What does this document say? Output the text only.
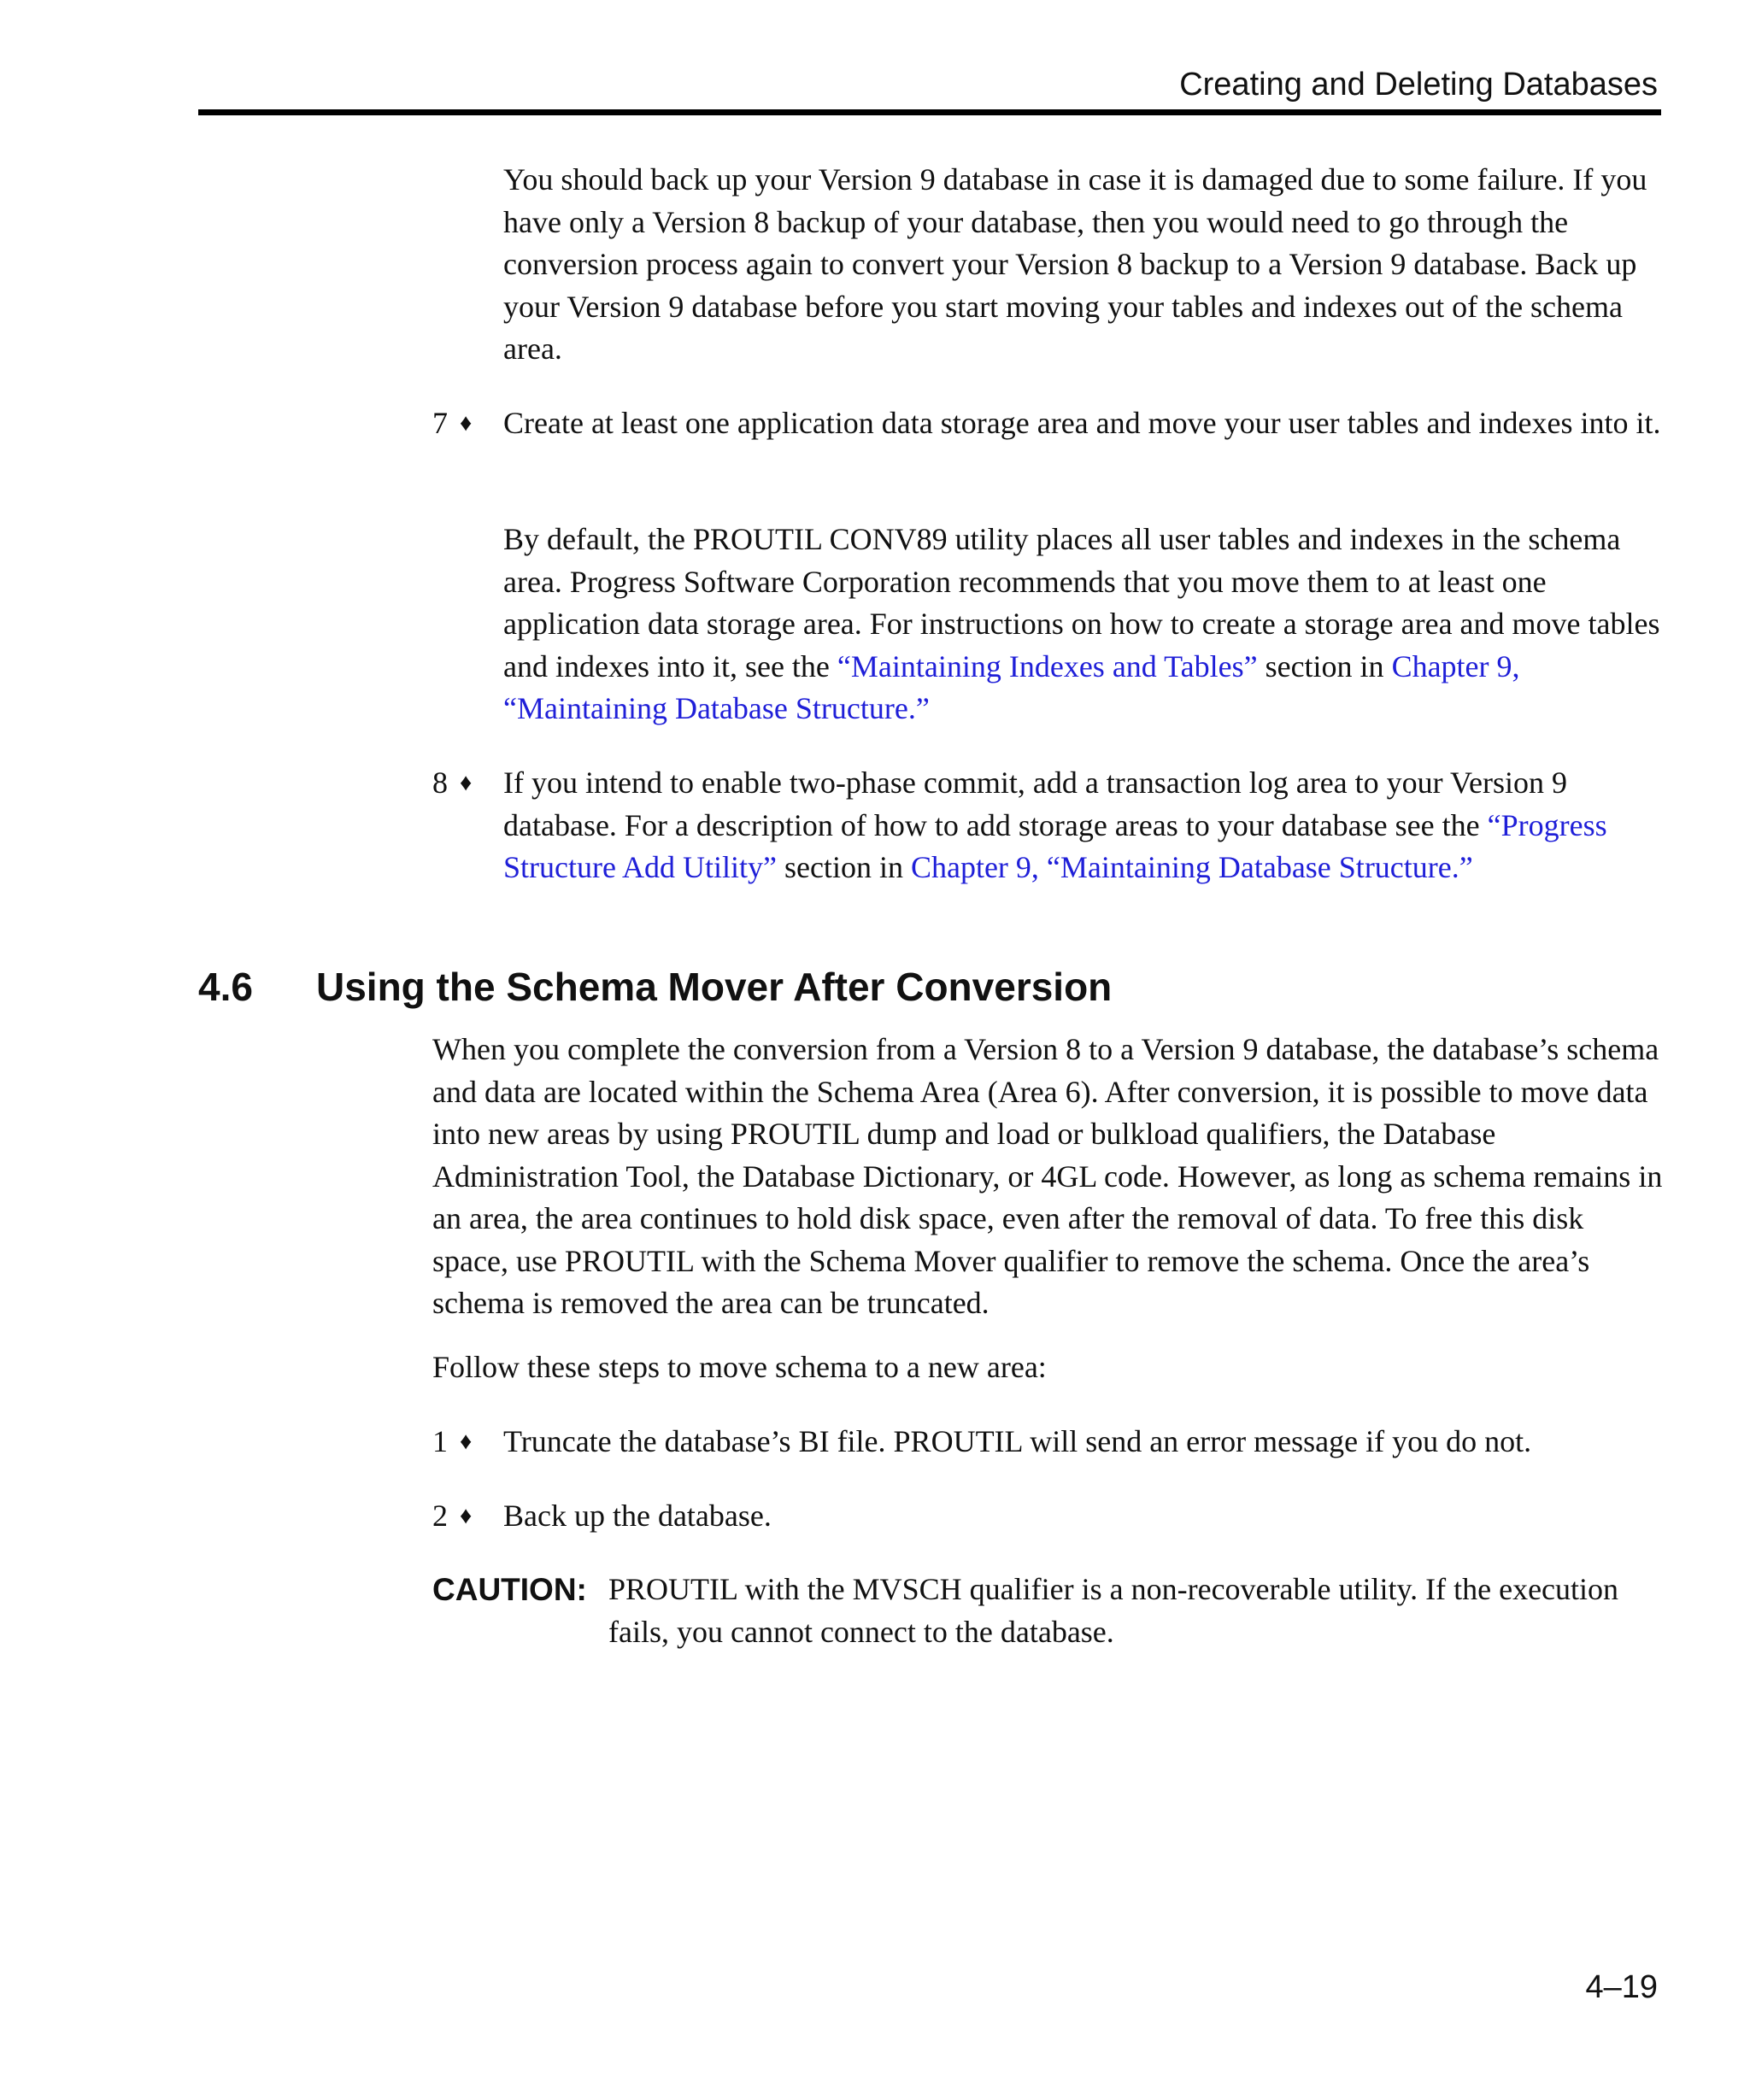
Creating and Deleting Databases

You should back up your Version 9 database in case it is damaged due to some failure. If you have only a Version 8 backup of your database, then you would need to go through the conversion process again to convert your Version 8 backup to a Version 9 database. Back up your Version 9 database before you start moving your tables and indexes out of the schema area.

7 ♦ Create at least one application data storage area and move your user tables and indexes into it.

By default, the PROUTIL CONV89 utility places all user tables and indexes in the schema area. Progress Software Corporation recommends that you move them to at least one application data storage area. For instructions on how to create a storage area and move tables and indexes into it, see the “Maintaining Indexes and Tables” section in Chapter 9, “Maintaining Database Structure.”

8 ♦ If you intend to enable two-phase commit, add a transaction log area to your Version 9 database. For a description of how to add storage areas to your database see the “Progress Structure Add Utility” section in Chapter 9, “Maintaining Database Structure.”
4.6 Using the Schema Mover After Conversion

When you complete the conversion from a Version 8 to a Version 9 database, the database’s schema and data are located within the Schema Area (Area 6). After conversion, it is possible to move data into new areas by using PROUTIL dump and load or bulkload qualifiers, the Database Administration Tool, the Database Dictionary, or 4GL code. However, as long as schema remains in an area, the area continues to hold disk space, even after the removal of data. To free this disk space, use PROUTIL with the Schema Mover qualifier to remove the schema. Once the area’s schema is removed the area can be truncated.

Follow these steps to move schema to a new area:

1 ♦ Truncate the database’s BI file. PROUTIL will send an error message if you do not.
2 ♦ Back up the database.
CAUTION: PROUTIL with the MVSCH qualifier is a non-recoverable utility. If the execution fails, you cannot connect to the database.
4–19
